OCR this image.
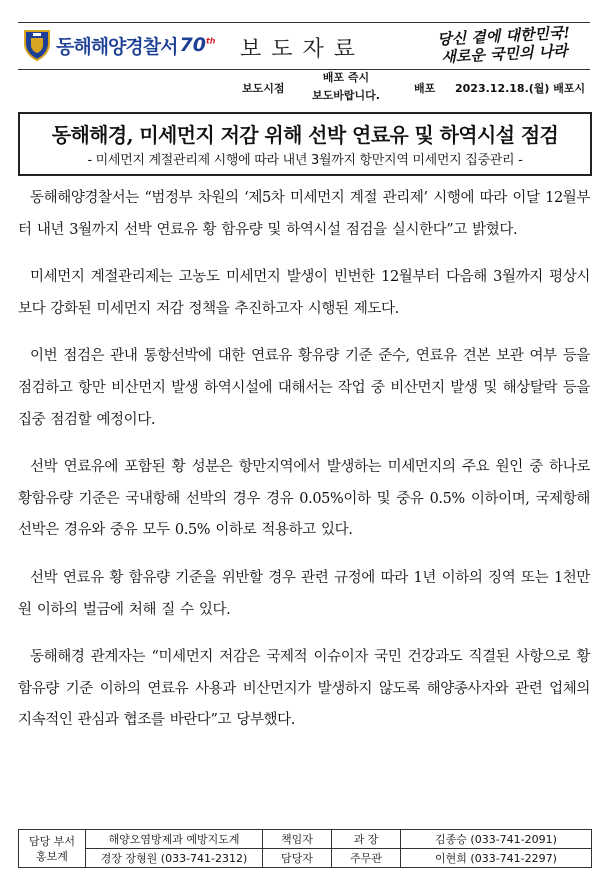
동해해양경찰서 70th 보도자료
당신 곁에 대한민국!
새로운 국민의 나라
보도시점
배포 즉시
보도바랍니다.
배포 2023.12.18.(월) 배포시
동해해경, 미세먼지 저감 위해 선박 연료유 및 하역시설 점검
- 미세먼지 계절관리제 시행에 따라 내년 3월까지 항만지역 미세먼지 집중관리 -

동해해양경찰서는 “범정부 차원의 ‘제5차 미세먼지 계절 관리제’ 시행에 따라 이달 12월부터 내년 3월까지 선박 연료유 황 함유량 및 하역시설 점검을 실시한다”고 밝혔다.

미세먼지 계절관리제는 고농도 미세먼지 발생이 빈번한 12월부터 다음해 3월까지 평상시보다 강화된 미세먼지 저감 정책을 추진하고자 시행된 제도다.

이번 점검은 관내 통항선박에 대한 연료유 황유량 기준 준수, 연료유 견본 보관 여부 등을 점검하고 항만 비산먼지 발생 하역시설에 대해서는 작업 중 비산먼지 발생 및 해상탈락 등을 집중 점검할 예정이다.

선박 연료유에 포함된 황 성분은 항만지역에서 발생하는 미세먼지의 주요 원인 중 하나로 황함유량 기준은 국내항해 선박의 경우 경유 0.05%이하 및 중유 0.5% 이하이며, 국제항해 선박은 경유와 중유 모두 0.5% 이하로 적용하고 있다.

선박 연료유 황 함유량 기준을 위반할 경우 관련 규정에 따라 1년 이하의 징역 또는 1천만원 이하의 벌금에 처해 질 수 있다.

동해해경 관계자는 “미세먼지 저감은 국제적 이슈이자 국민 건강과도 직결된 사항으로 황함유량 기준 이하의 연료유 사용과 비산먼지가 발생하지 않도록 해양종사자와 관련 업체의 지속적인 관심과 협조를 바란다”고 당부했다.

담당 부서
홍보계	해양오염방제과 예방지도계	책임자	과 장	김종승 (033-741-2091)
	경장 장형원 (033-741-2312)	담당자	주무관	이현희 (033-741-2297)
